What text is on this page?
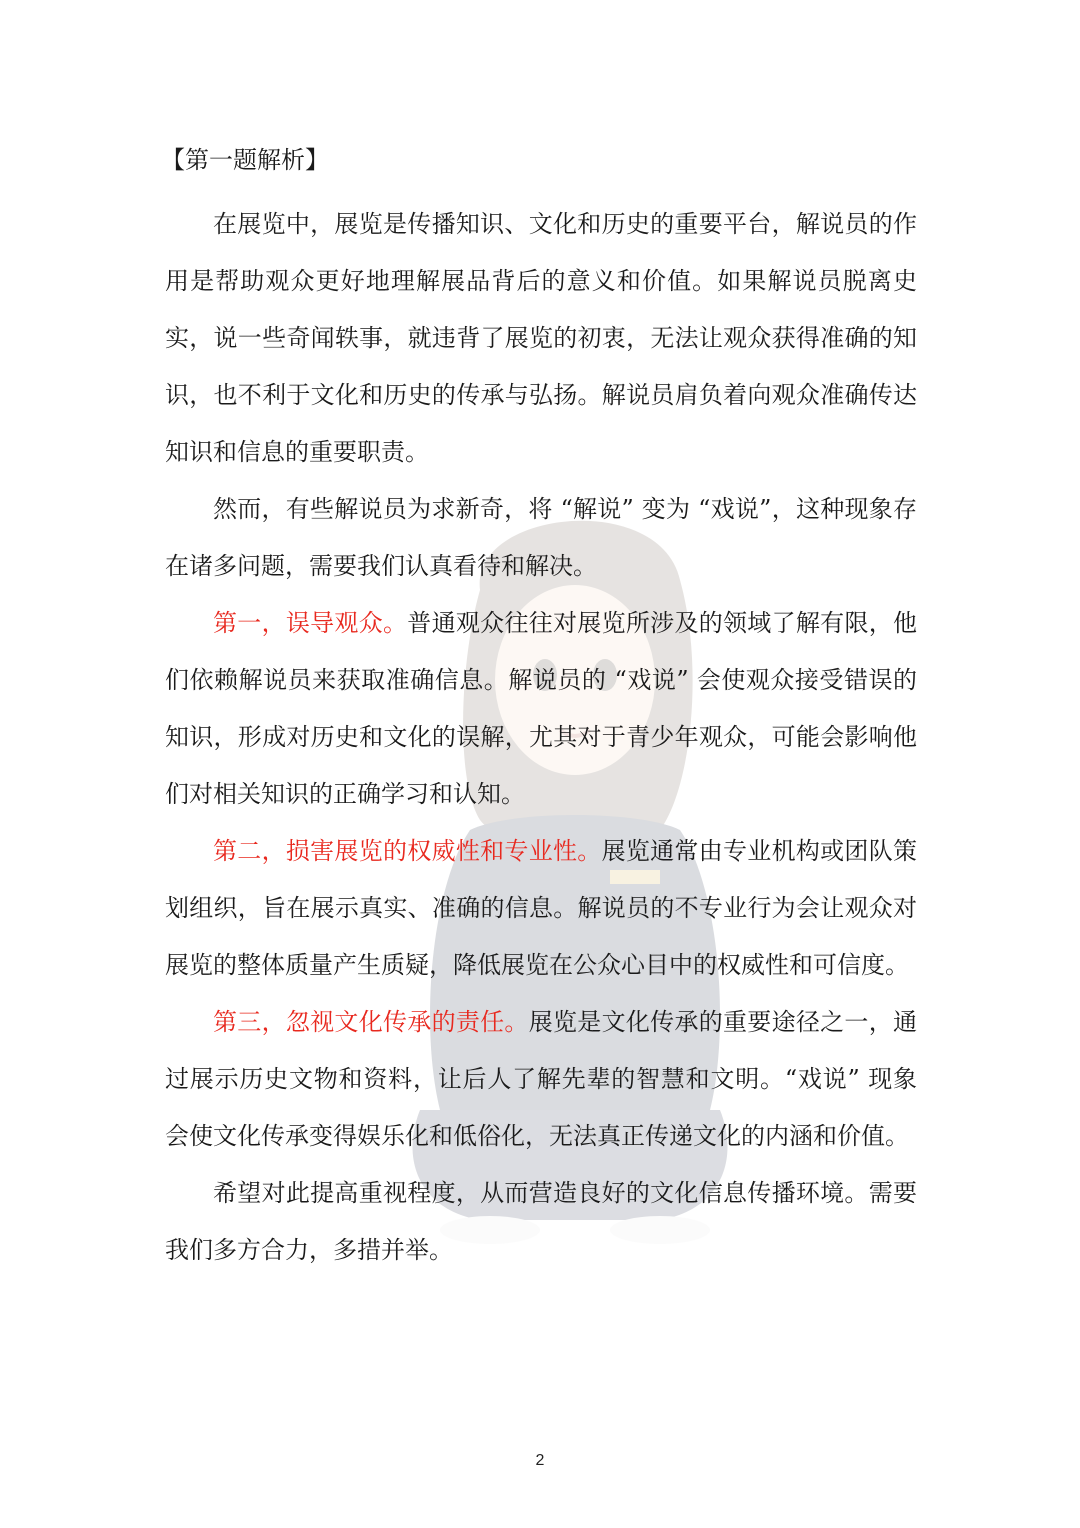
【第一题解析】

在展览中，展览是传播知识、文化和历史的重要平台，解说员的作用是帮助观众更好地理解展品背后的意义和价值。如果解说员脱离史实，说一些奇闻轶事，就违背了展览的初衷，无法让观众获得准确的知识，也不利于文化和历史的传承与弘扬。解说员肩负着向观众准确传达知识和信息的重要职责。

然而，有些解说员为求新奇，将 “解说” 变为 “戏说”，这种现象存在诸多问题，需要我们认真看待和解决。

第一，误导观众。普通观众往往对展览所涉及的领域了解有限，他们依赖解说员来获取准确信息。解说员的 “戏说” 会使观众接受错误的知识，形成对历史和文化的误解，尤其对于青少年观众，可能会影响他们对相关知识的正确学习和认知。

第二，损害展览的权威性和专业性。展览通常由专业机构或团队策划组织，旨在展示真实、准确的信息。解说员的不专业行为会让观众对展览的整体质量产生质疑，降低展览在公众心目中的权威性和可信度。

第三，忽视文化传承的责任。展览是文化传承的重要途径之一，通过展示历史文物和资料，让后人了解先辈的智慧和文明。“戏说” 现象会使文化传承变得娱乐化和低俗化，无法真正传递文化的内涵和价值。

希望对此提高重视程度，从而营造良好的文化信息传播环境。需要我们多方合力，多措并举。

2
